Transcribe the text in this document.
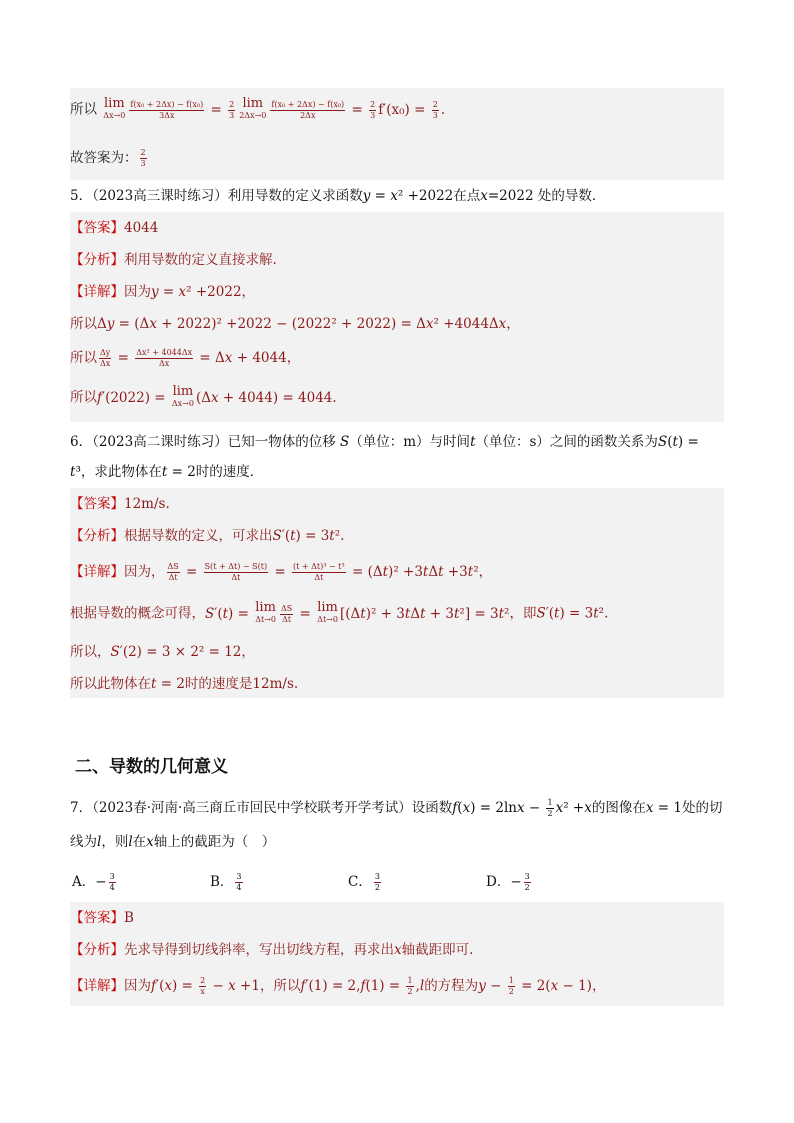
所以 lim
$\Delta x\to 0 \frac{\text{f(x₀ + 2Δx) − f(x₀)}}{3\Delta x} = \frac{2}{3}$ lim
$2\Delta x\to 0 \frac{\text{f(x₀ + 2Δx) − f(x₀)}}{2\Delta x} = \frac{2}{3} f'(x_0) = \frac{2}{3}$ .
故答案为： $\frac{2}{3}$
5．（2023高三课时练习）利用导数的定义求函数y = x² +2022在点x=2022 处的导数．
【答案】4044
【分析】利用导数的定义直接求解.
【详解】因为y = x² +2022，
所以Δy = (Δx + 2022)² +2022 − (2022² + 2022) = Δx² +4044Δx，
所以 $\frac{\Delta y}{\Delta x} = \frac{\text{Δx² + 4044Δx}}{\Delta x} = \Delta x + 4044$，
所以f′(2022) = lim
Δx→0 (Δx + 4044) = 4044.
6．（2023高二课时练习）已知一物体的位移 S（单位：m）与时间t（单位：s）之间的函数关系为S(t) =
t³，求此物体在t = 2时的速度．
【答案】12m/s.
【分析】根据导数的定义，可求出S′(t) = 3t².
【详解】因为， $\frac{\Delta S}{\Delta t} = \frac{S(t + \Delta t) - S(t)}{\Delta t} = \frac{\text{(t + Δt)³ − t³}}{\Delta t} = (\Delta t)^2 +3t\Delta t +3t^2$，
根据导数的概念可得，S′(t) = lim
$\Delta t\to 0 \frac{\Delta S}{\Delta t} = \lim$
Δt→0 [(Δt)² + 3tΔt + 3t²] = 3t²，即S′(t) = 3t².
所以，S′(2) = 3 × 2² = 12，
所以此物体在t = 2时的速度是12m/s.
二、导数的几何意义
7．（2023春·河南·高三商丘市回民中学校联考开学考试）设函数$f(x) = 2\ln x - \frac{1}{2} x^2 +x$的图像在x = 1处的切
线为l，则l在x轴上的截距为（　）
A．− $\frac{3}{4}$	B． $\frac{3}{4}$	C． $\frac{3}{2}$	D．− $\frac{3}{2}$
【答案】B
【分析】先求导得到切线斜率，写出切线方程，再求出x轴截距即可.
【详解】因为$f'(x) = \frac{2}{x} - x +1$，所以$f'(1) = 2,f(1) = \frac{1}{2} ,l$的方程为$y - \frac{1}{2} = 2(x - 1)$，
